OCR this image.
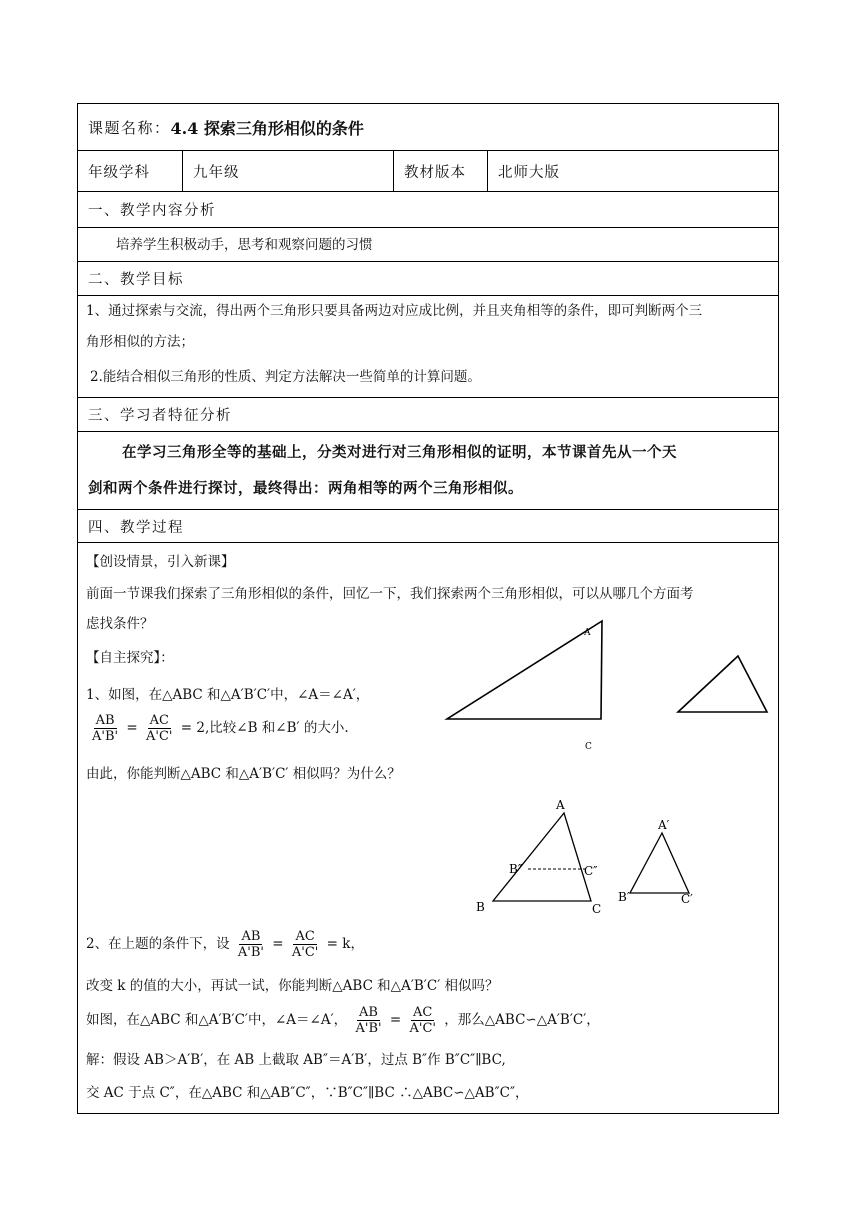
课题名称： 4.4 探索三角形相似的条件
年级学科	九年级	教材版本	北师大版
一、教学内容分析
培养学生积极动手，思考和观察问题的习惯
二、教学目标
1、通过探索与交流，得出两个三角形只要具备两边对应成比例，并且夹角相等的条件，即可判断两个三
角形相似的方法；
2.能结合相似三角形的性质、判定方法解决一些简单的计算问题。
三、学习者特征分析
在学习三角形全等的基础上，分类对进行对三角形相似的证明，本节课首先从一个天
剑和两个条件进行探讨，最终得出：两角相等的两个三角形相似。
四、教学过程
【创设情景，引入新课】
前面一节课我们探索了三角形相似的条件，回忆一下，我们探索两个三角形相似，可以从哪几个方面考
虑找条件？
【自主探究】：
1、如图，在△ABC 和△A′B′C′中，∠A＝∠A′，
$\frac{AB}{A'B'} = \frac{AC}{A'C'} = 2$,比较∠B 和∠B′ 的大小.
由此，你能判断△ABC 和△A′B′C′ 相似吗？为什么？
A
C
A
B	C
B″	C″
A′
B′	C′
2、在上题的条件下，设 $\frac{AB}{A'B'} = \frac{AC}{A'C'} = k$，
改变 k 的值的大小，再试一试，你能判断△ABC 和△A′B′C′ 相似吗？
如图，在△ABC 和△A′B′C′中，∠A＝∠A′， $\frac{AB}{A'B'} = \frac{AC}{A'C'}$ ，那么△ABC∽△A′B′C′，
解：假设 AB＞A′B′，在 AB 上截取 AB″＝A′B′，过点 B″作 B″C″∥BC,
交 AC 于点 C″，在△ABC 和△AB″C″，∵B″C″∥BC ∴△ABC∽△AB″C″，
